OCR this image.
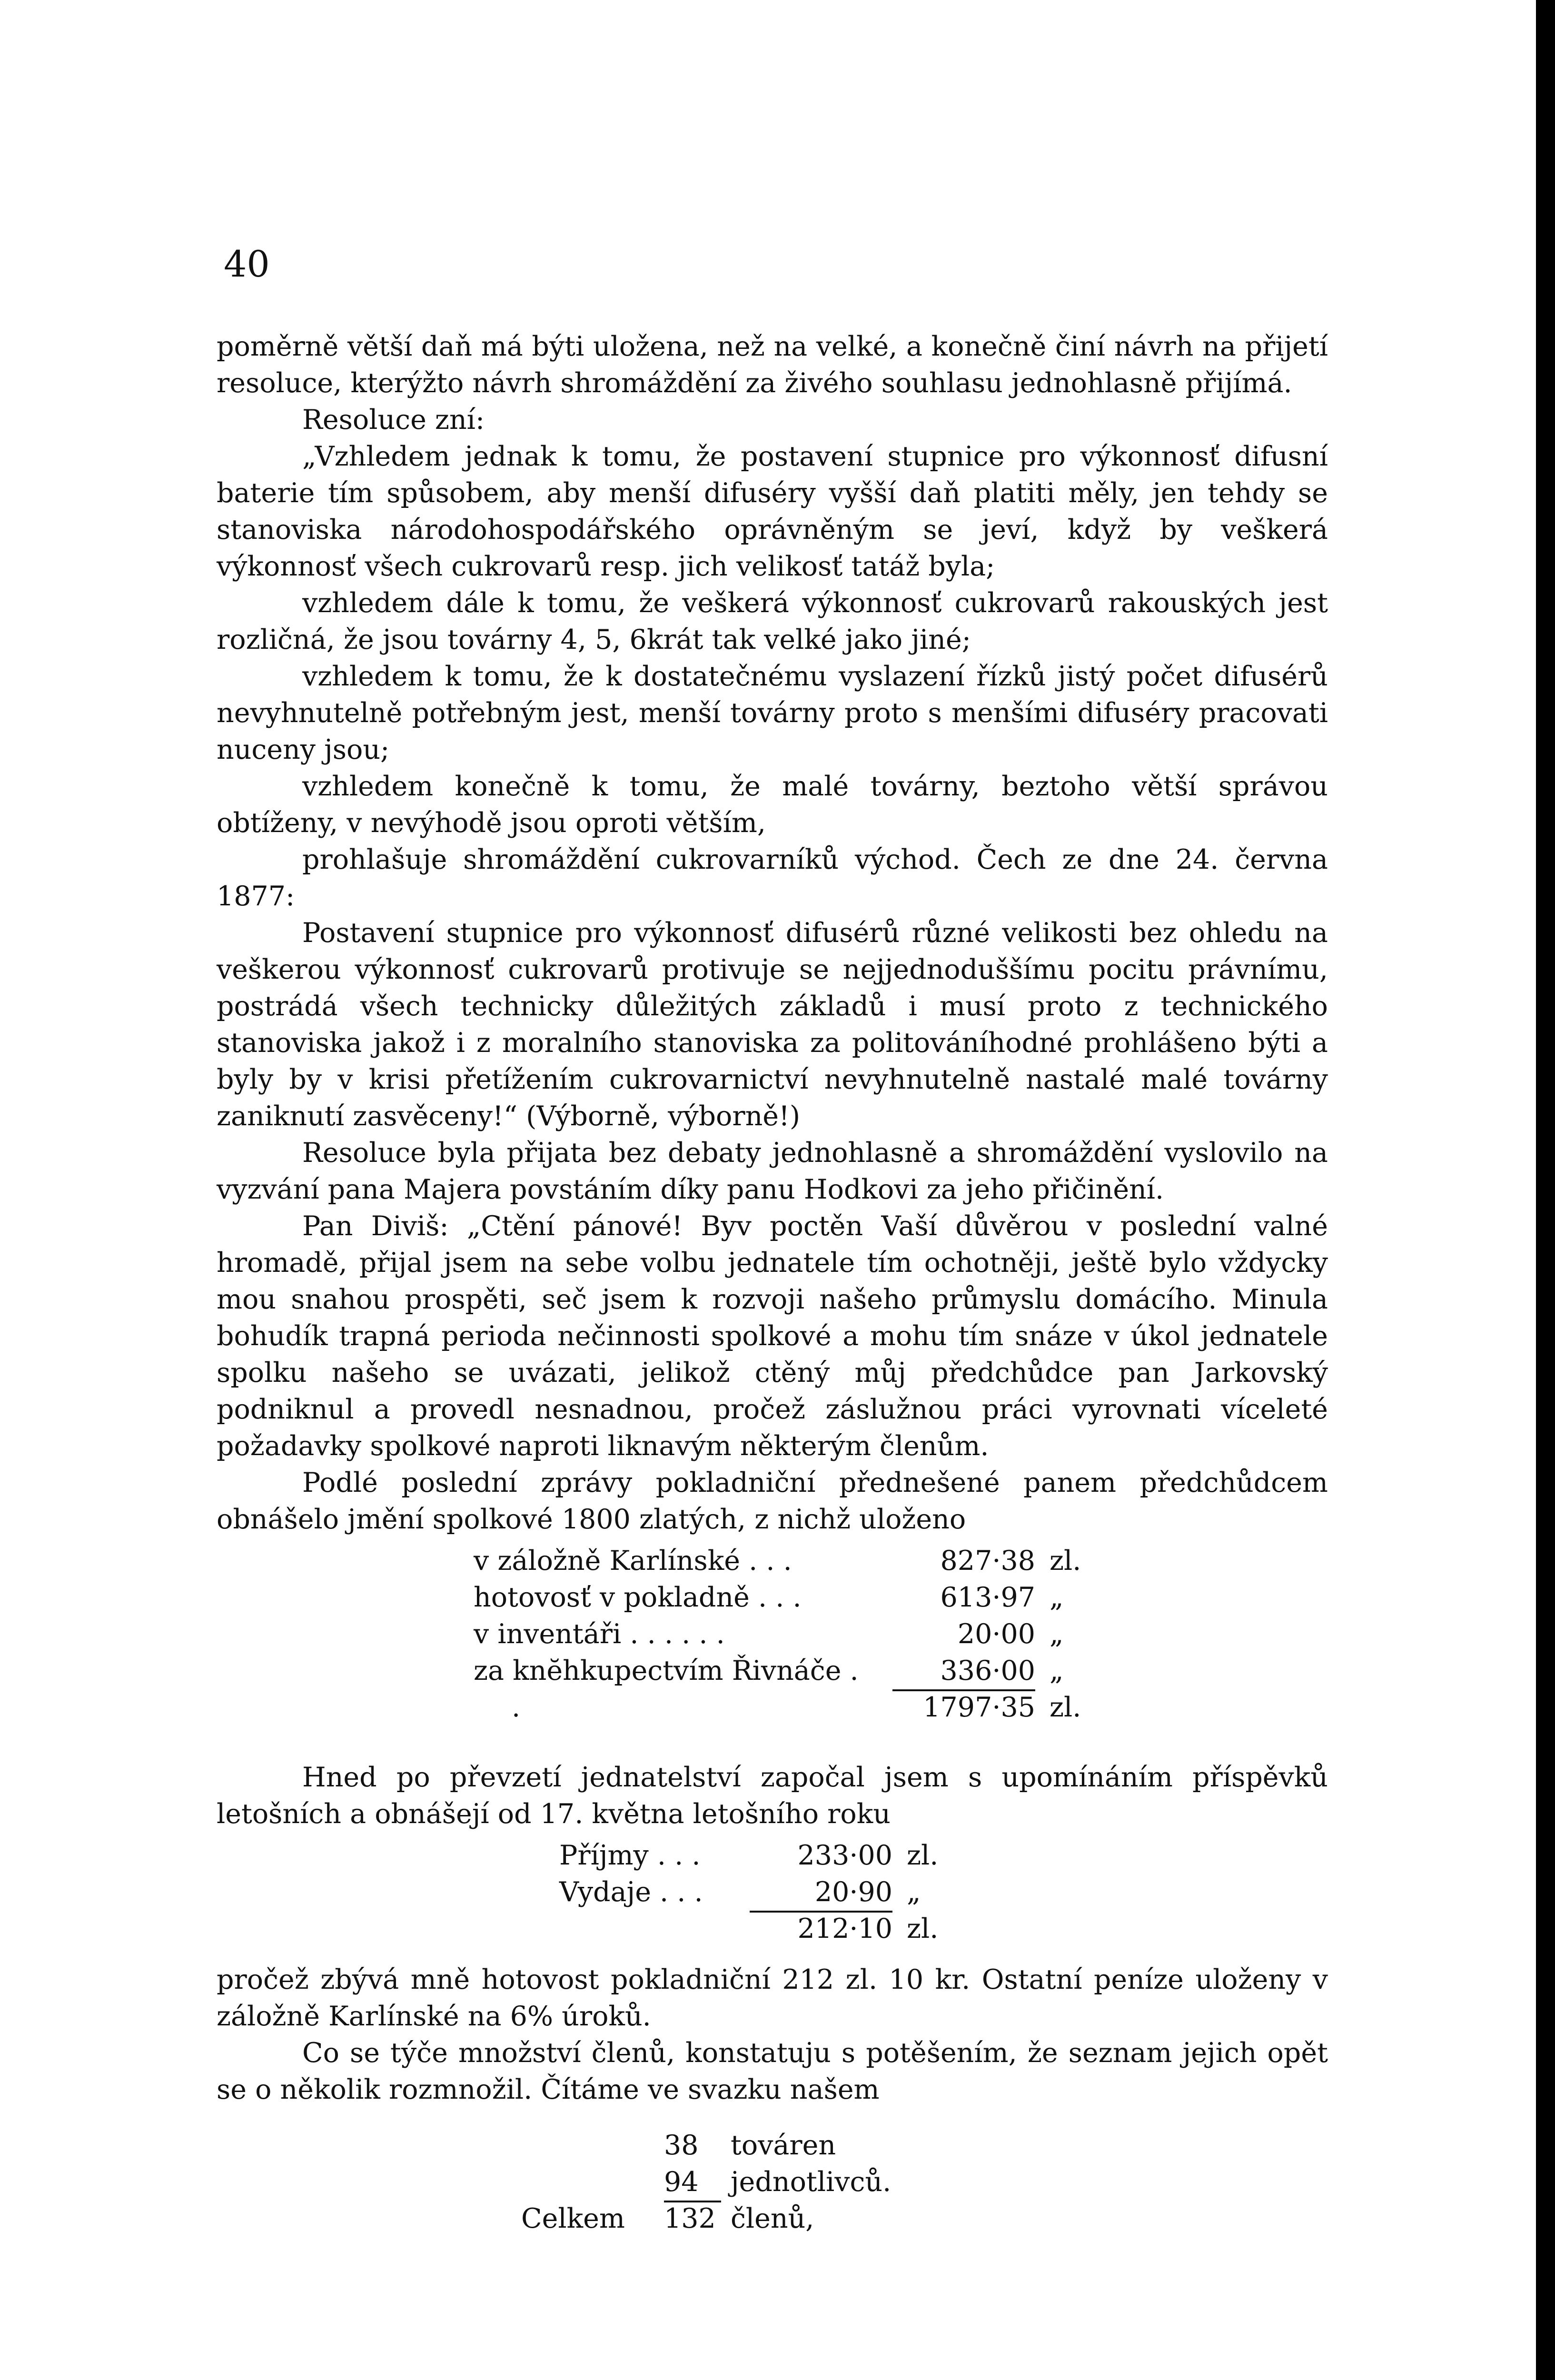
40

poměrně větší daň má býti uložena, než na velké, a konečně činí návrh na přijetí resoluce, kterýžto návrh shromáždění za živého souhlasu jednohlasně přijímá.

Resoluce zní:

„Vzhledem jednak k tomu, že postavení stupnice pro výkonnosť difusní baterie tím spůsobem, aby menší difuséry vyšší daň platiti měly, jen tehdy se stanoviska národohospodářského oprávněným se jeví, když by veškerá výkonnosť všech cukrovarů resp. jich velikosť tatáž byla;

vzhledem dále k tomu, že veškerá výkonnosť cukrovarů rakouských jest rozličná, že jsou továrny 4, 5, 6krát tak velké jako jiné;

vzhledem k tomu, že k dostatečnému vyslazení řízků jistý počet difusérů nevyhnutelně potřebným jest, menší továrny proto s menšími difuséry pracovati nuceny jsou;

vzhledem konečně k tomu, že malé továrny, beztoho větší správou obtíženy, v nevýhodě jsou oproti větším,

prohlašuje shromáždění cukrovarníků východ. Čech ze dne 24. června 1877:

Postavení stupnice pro výkonnosť difusérů různé velikosti bez ohledu na veškerou výkonnosť cukrovarů protivuje se nejjednoduššímu pocitu právnímu, postrádá všech technicky důležitých základů i musí proto z technického stanoviska jakož i z moralního stanoviska za politováníhodné prohlášeno býti a byly by v krisi přetížením cukrovarnictví nevyhnutelně nastalé malé továrny zaniknutí zasvěceny!“ (Výborně, výborně!)

Resoluce byla přijata bez debaty jednohlasně a shromáždění vyslovilo na vyzvání pana Majera povstáním díky panu Hodkovi za jeho přičinění.

Pan Diviš: „Ctění pánové! Byv poctěn Vaší důvěrou v poslední valné hromadě, přijal jsem na sebe volbu jednatele tím ochotněji, ještě bylo vždycky mou snahou prospěti, seč jsem k rozvoji našeho průmyslu domácího. Minula bohudík trapná perioda nečinnosti spolkové a mohu tím snáze v úkol jednatele spolku našeho se uvázati, jelikož ctěný můj předchůdce pan Jarkovský podniknul a provedl nesnadnou, pročež záslužnou práci vyrovnati víceleté požadavky spolkové naproti liknavým některým členům.

Podlé poslední zprávy pokladniční přednešené panem předchůdcem obnášelo jmění spolkové 1800 zlatých, z nichž uloženo

v záložně Karlínské . . .	827·38 zl.
hotovosť v pokladně . . .	613·97 „
v inventáři . . . . . .	20·00 „
za knĕhkupectvím Řivnáče .	336·00 „
.	1797·35 zl.

Hned po převzetí jednatelství započal jsem s upomínáním příspěvků letošních a obnášejí od 17. května letošního roku

Příjmy . . .	233·00 zl.
Vydaje . . .	20·90 „
212·10 zl.

pročež zbývá mně hotovost pokladniční 212 zl. 10 kr. Ostatní peníze uloženy v záložně Karlínské na 6% úroků.

Co se týče množství členů, konstatuju s potěšením, že seznam jejich opět se o několik rozmnožil. Čítáme ve svazku našem

38	továren
94	jednotlivců.
Celkem	132 členů,
